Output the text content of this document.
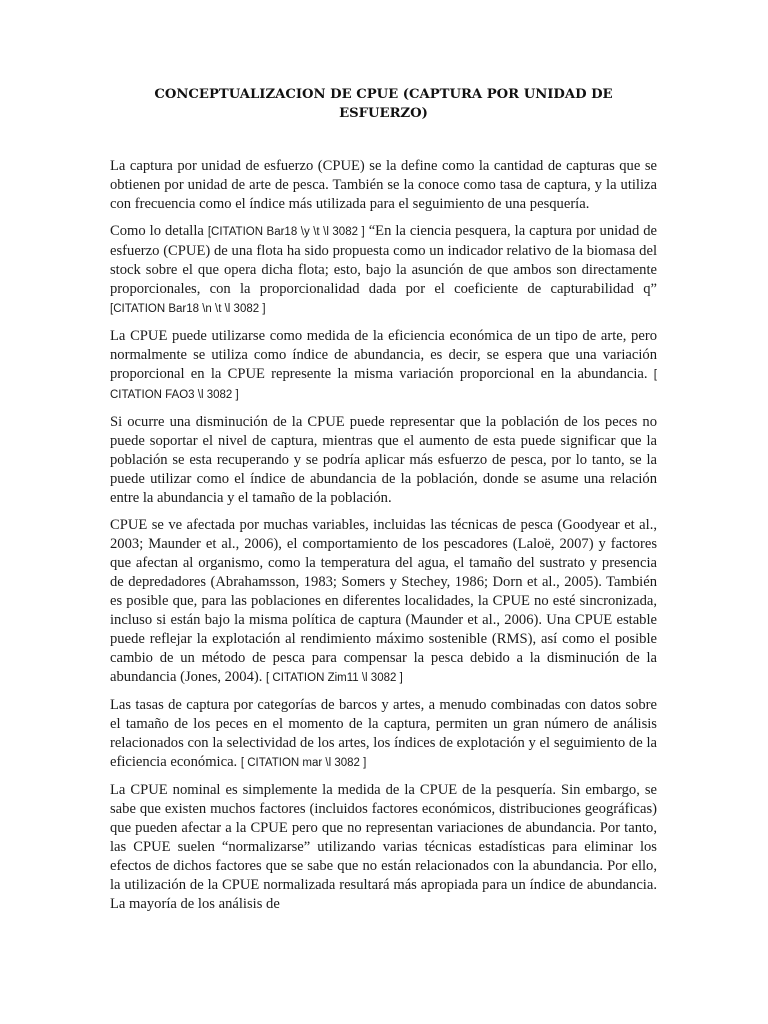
CONCEPTUALIZACION DE CPUE (CAPTURA POR UNIDAD DE ESFUERZO)

La captura por unidad de esfuerzo (CPUE) se la define como la cantidad de capturas que se obtienen por unidad de arte de pesca. También se la conoce como tasa de captura, y la utiliza con frecuencia como el índice más utilizada para el seguimiento de una pesquería.

Como lo detalla [CITATION Bar18 \y \t \l 3082 ] “En la ciencia pesquera, la captura por unidad de esfuerzo (CPUE) de una flota ha sido propuesta como un indicador relativo de la biomasa del stock sobre el que opera dicha flota; esto, bajo la asunción de que ambos son directamente proporcionales, con la proporcionalidad dada por el coeficiente de capturabilidad q” [CITATION Bar18 \n \t \l 3082 ]

La CPUE puede utilizarse como medida de la eficiencia económica de un tipo de arte, pero normalmente se utiliza como índice de abundancia, es decir, se espera que una variación proporcional en la CPUE represente la misma variación proporcional en la abundancia. [ CITATION FAO3 \l 3082 ]

Si ocurre una disminución de la CPUE puede representar que la población de los peces no puede soportar el nivel de captura, mientras que el aumento de esta puede significar que la población se esta recuperando y se podría aplicar más esfuerzo de pesca, por lo tanto, se la puede utilizar como el índice de abundancia de la población, donde se asume una relación entre la abundancia y el tamaño de la población.

CPUE se ve afectada por muchas variables, incluidas las técnicas de pesca (Goodyear et al., 2003; Maunder et al., 2006), el comportamiento de los pescadores (Laloë, 2007) y factores que afectan al organismo, como la temperatura del agua, el tamaño del sustrato y presencia de depredadores (Abrahamsson, 1983; Somers y Stechey, 1986; Dorn et al., 2005). También es posible que, para las poblaciones en diferentes localidades, la CPUE no esté sincronizada, incluso si están bajo la misma política de captura (Maunder et al., 2006). Una CPUE estable puede reflejar la explotación al rendimiento máximo sostenible (RMS), así como el posible cambio de un método de pesca para compensar la pesca debido a la disminución de la abundancia (Jones, 2004). [ CITATION Zim11 \l 3082 ]

Las tasas de captura por categorías de barcos y artes, a menudo combinadas con datos sobre el tamaño de los peces en el momento de la captura, permiten un gran número de análisis relacionados con la selectividad de los artes, los índices de explotación y el seguimiento de la eficiencia económica. [ CITATION mar \l 3082 ]

La CPUE nominal es simplemente la medida de la CPUE de la pesquería. Sin embargo, se sabe que existen muchos factores (incluidos factores económicos, distribuciones geográficas) que pueden afectar a la CPUE pero que no representan variaciones de abundancia. Por tanto, las CPUE suelen “normalizarse” utilizando varias técnicas estadísticas para eliminar los efectos de dichos factores que se sabe que no están relacionados con la abundancia. Por ello, la utilización de la CPUE normalizada resultará más apropiada para un índice de abundancia. La mayoría de los análisis de
